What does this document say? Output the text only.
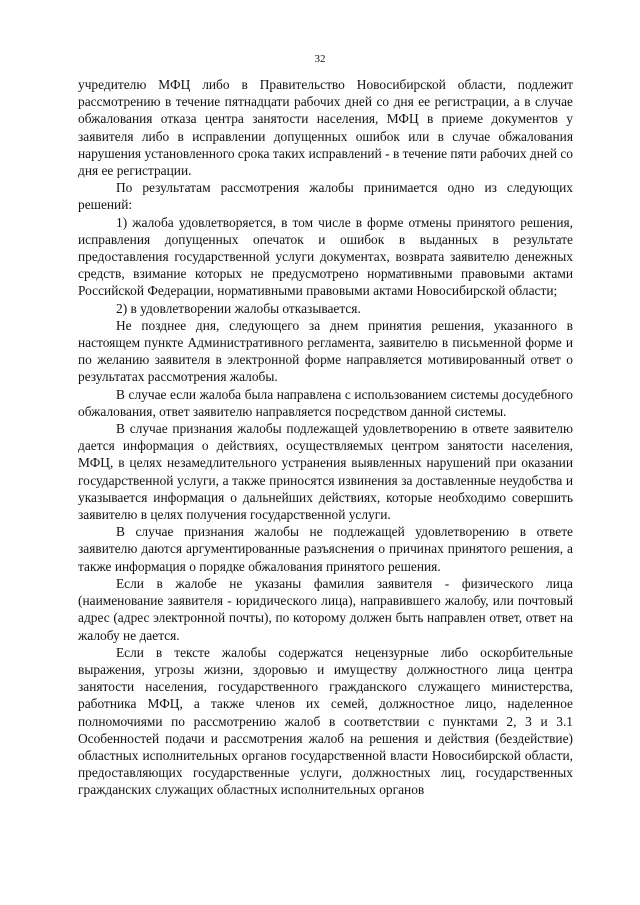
32

учредителю МФЦ либо в Правительство Новосибирской области, подлежит рассмотрению в течение пятнадцати рабочих дней со дня ее регистрации, а в случае обжалования отказа центра занятости населения, МФЦ в приеме документов у заявителя либо в исправлении допущенных ошибок или в случае обжалования нарушения установленного срока таких исправлений - в течение пяти рабочих дней со дня ее регистрации.

По результатам рассмотрения жалобы принимается одно из следующих решений:

1) жалоба удовлетворяется, в том числе в форме отмены принятого решения, исправления допущенных опечаток и ошибок в выданных в результате предоставления государственной услуги документах, возврата заявителю денежных средств, взимание которых не предусмотрено нормативными правовыми актами Российской Федерации, нормативными правовыми актами Новосибирской области;

2) в удовлетворении жалобы отказывается.

Не позднее дня, следующего за днем принятия решения, указанного в настоящем пункте Административного регламента, заявителю в письменной форме и по желанию заявителя в электронной форме направляется мотивированный ответ о результатах рассмотрения жалобы.

В случае если жалоба была направлена с использованием системы досудебного обжалования, ответ заявителю направляется посредством данной системы.

В случае признания жалобы подлежащей удовлетворению в ответе заявителю дается информация о действиях, осуществляемых центром занятости населения, МФЦ, в целях незамедлительного устранения выявленных нарушений при оказании государственной услуги, а также приносятся извинения за доставленные неудобства и указывается информация о дальнейших действиях, которые необходимо совершить заявителю в целях получения государственной услуги.

В случае признания жалобы не подлежащей удовлетворению в ответе заявителю даются аргументированные разъяснения о причинах принятого решения, а также информация о порядке обжалования принятого решения.

Если в жалобе не указаны фамилия заявителя - физического лица (наименование заявителя - юридического лица), направившего жалобу, или почтовый адрес (адрес электронной почты), по которому должен быть направлен ответ, ответ на жалобу не дается.

Если в тексте жалобы содержатся нецензурные либо оскорбительные выражения, угрозы жизни, здоровью и имуществу должностного лица центра занятости населения, государственного гражданского служащего министерства, работника МФЦ, а также членов их семей, должностное лицо, наделенное полномочиями по рассмотрению жалоб в соответствии с пунктами 2, 3 и 3.1 Особенностей подачи и рассмотрения жалоб на решения и действия (бездействие) областных исполнительных органов государственной власти Новосибирской области, предоставляющих государственные услуги, должностных лиц, государственных гражданских служащих областных исполнительных органов
